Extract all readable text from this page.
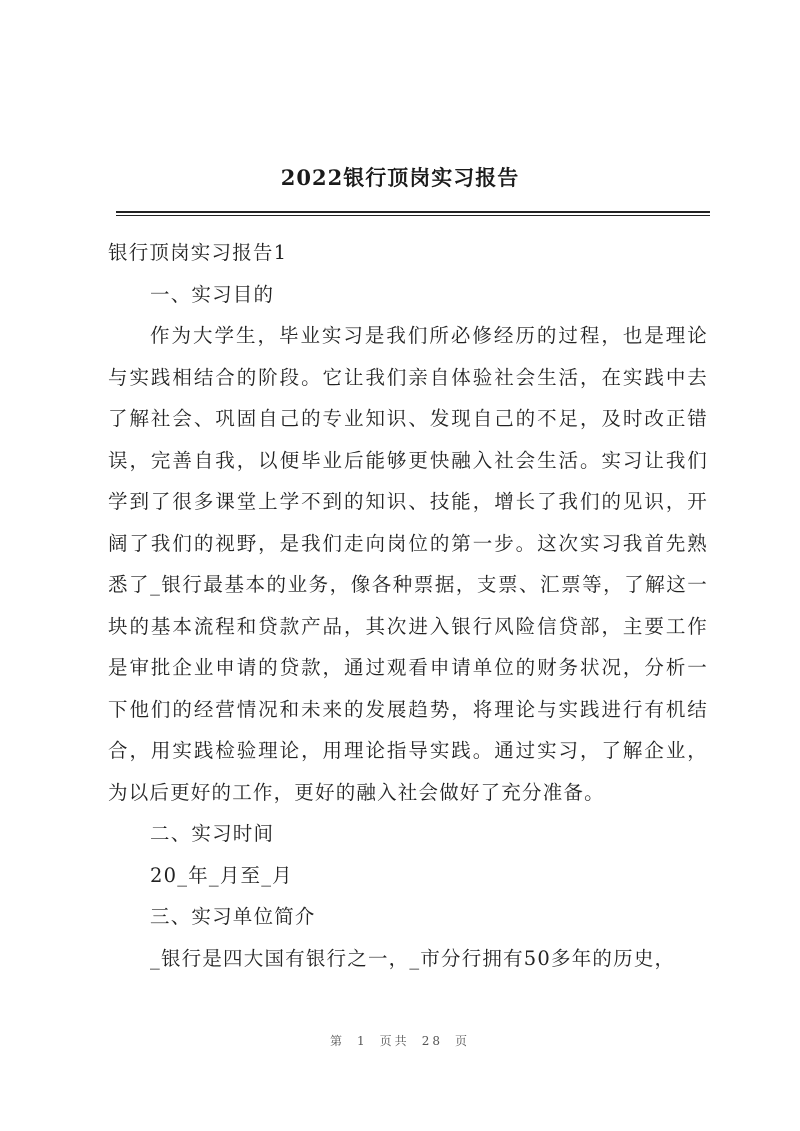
2022银行顶岗实习报告
银行顶岗实习报告1
一、实习目的

作为大学生，毕业实习是我们所必修经历的过程，也是理论与实践相结合的阶段。它让我们亲自体验社会生活，在实践中去了解社会、巩固自己的专业知识、发现自己的不足，及时改正错误，完善自我，以便毕业后能够更快融入社会生活。实习让我们学到了很多课堂上学不到的知识、技能，增长了我们的见识，开阔了我们的视野，是我们走向岗位的第一步。这次实习我首先熟悉了_银行最基本的业务，像各种票据，支票、汇票等，了解这一块的基本流程和贷款产品，其次进入银行风险信贷部，主要工作是审批企业申请的贷款，通过观看申请单位的财务状况，分析一下他们的经营情况和未来的发展趋势，将理论与实践进行有机结合，用实践检验理论，用理论指导实践。通过实习，了解企业，为以后更好的工作，更好的融入社会做好了充分准备。

二、实习时间
20_年_月至_月
三、实习单位简介
_银行是四大国有银行之一，_市分行拥有50多年的历史，
第 1 页共 28 页
